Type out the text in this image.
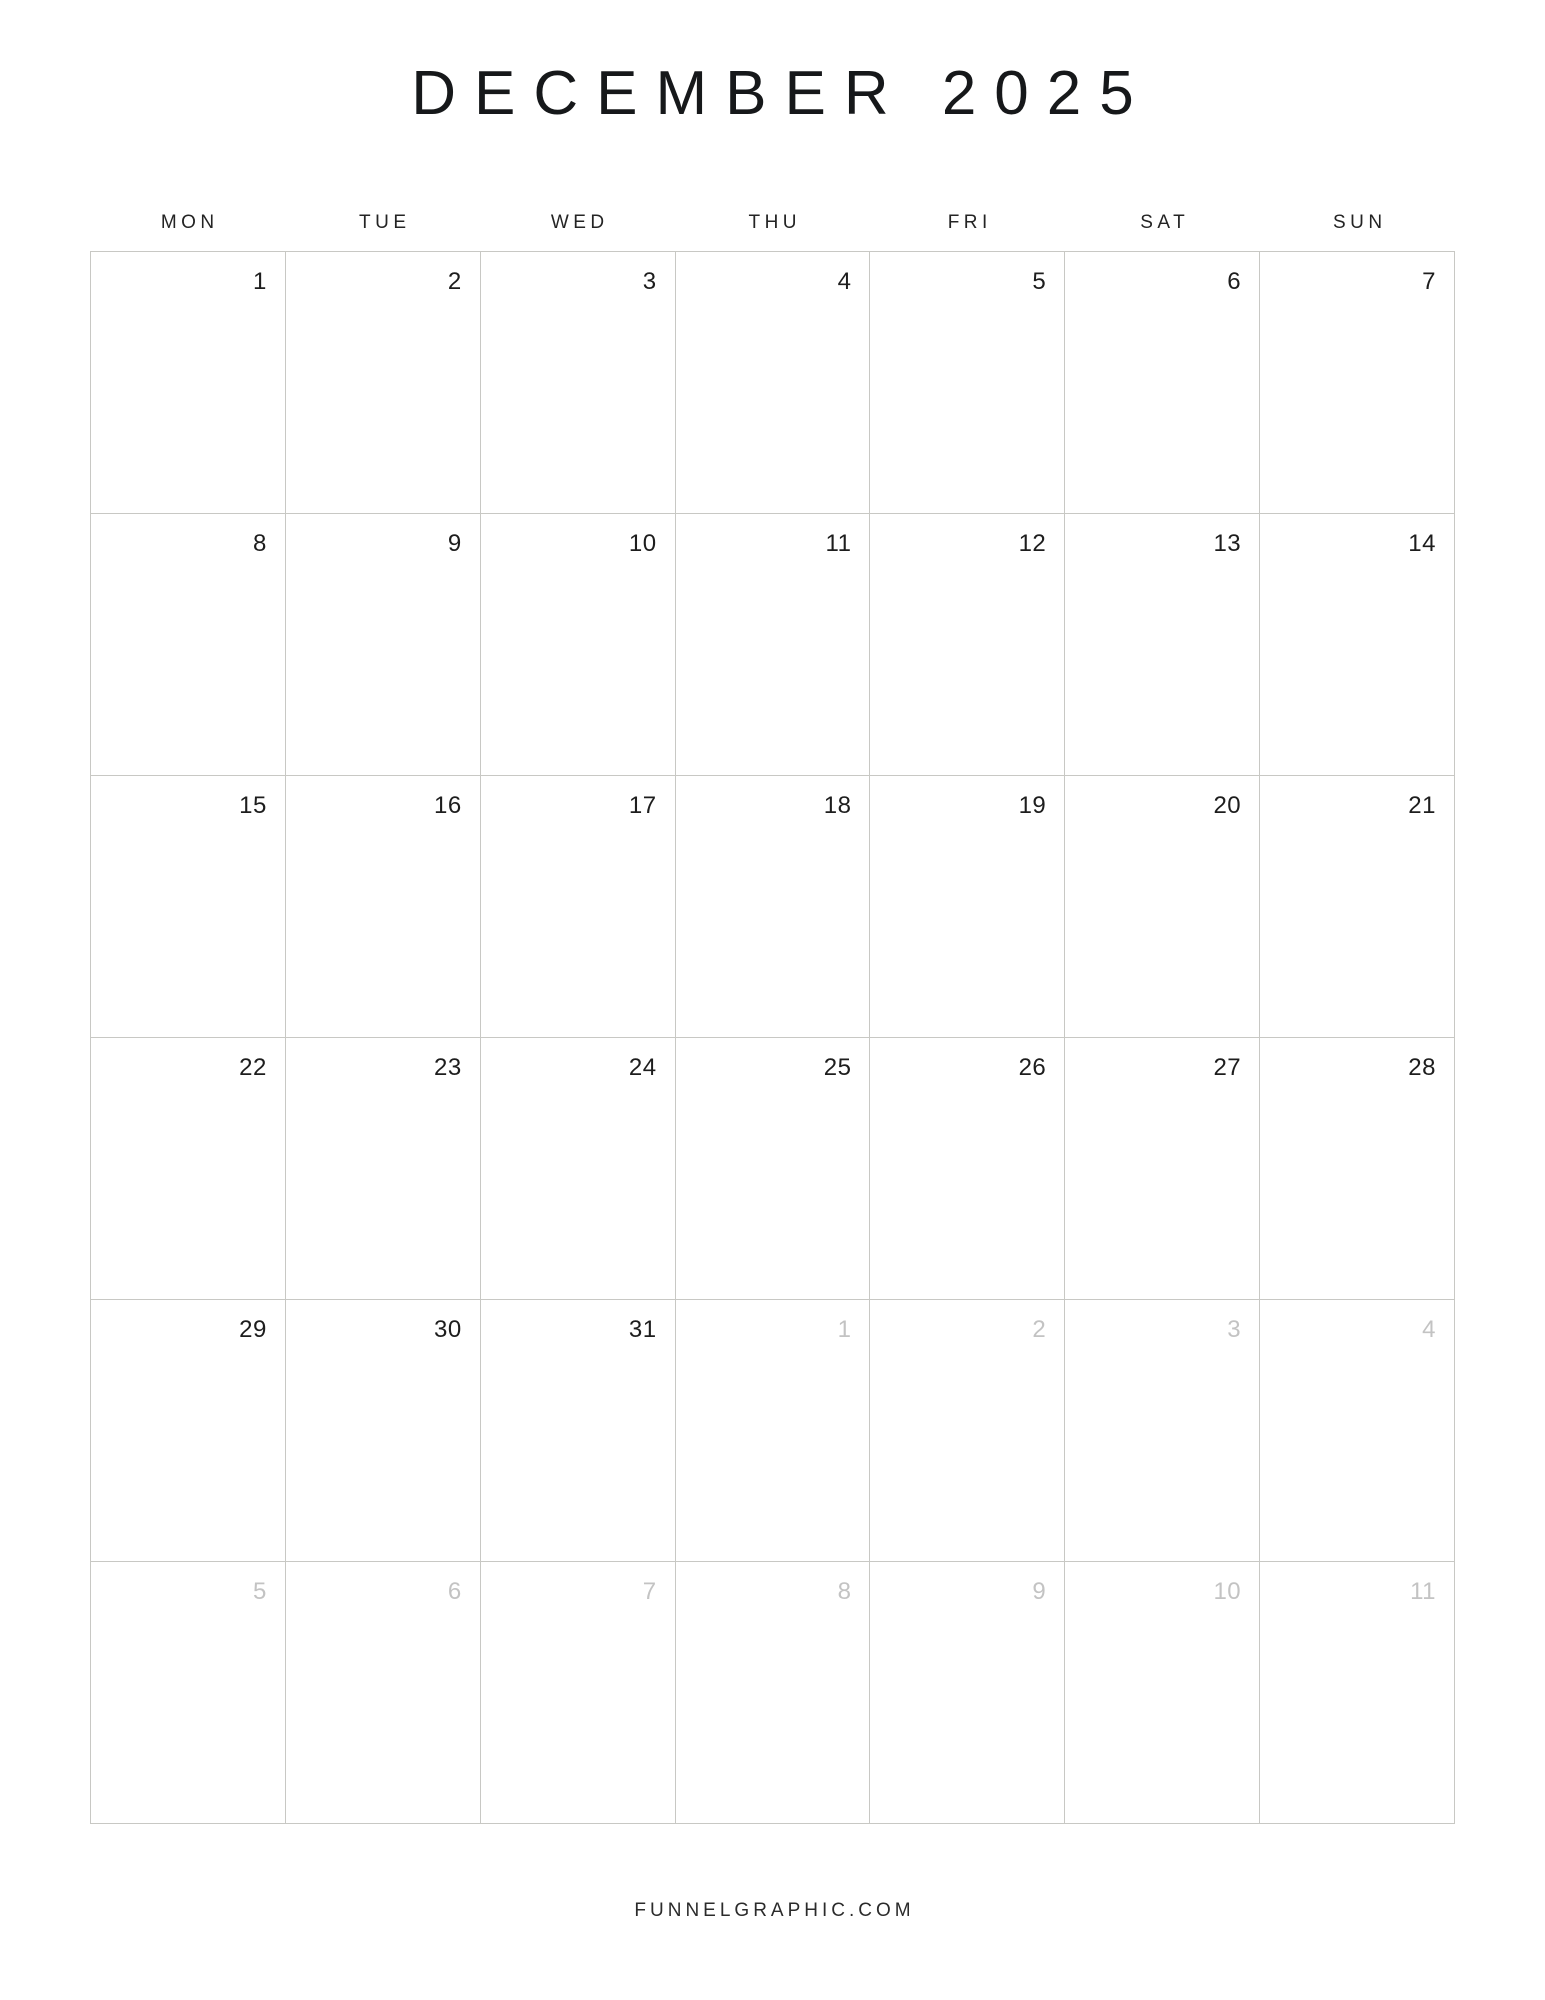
DECEMBER 2025
MON	TUE	WED	THU	FRI	SAT	SUN
1	2	3	4	5	6	7
8	9	10	11	12	13	14
15	16	17	18	19	20	21
22	23	24	25	26	27	28
29	30	31	1	2	3	4
5	6	7	8	9	10	11
FUNNELGRAPHIC.COM
